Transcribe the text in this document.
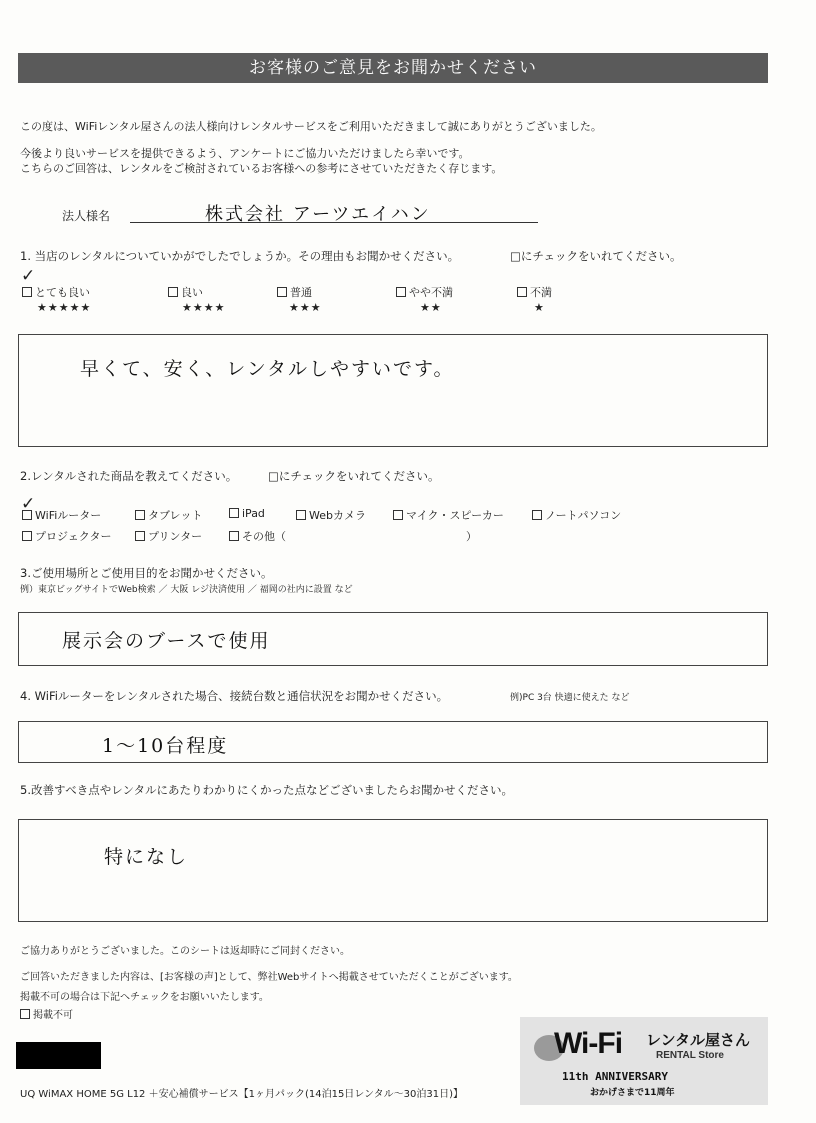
お客様のご意見をお聞かせください
この度は、WiFiレンタル屋さんの法人様向けレンタルサービスをご利用いただきまして誠にありがとうございました。
今後より良いサービスを提供できるよう、アンケートにご協力いただけましたら幸いです。
こちらのご回答は、レンタルをご検討されているお客様への参考にさせていただきたく存じます。
法人様名	株式会社 アーツエイハン
1. 当店のレンタルについていかがでしたでしょうか。その理由もお聞かせください。	□にチェックをいれてください。
とても良い
✓
★★★★★
良い
★★★★
普通
★★★
やや不満
★★
不満
★
早くて、安く、レンタルしやすいです。
2.レンタルされた商品を教えてください。	□にチェックをいれてください。
✓
WiFiルーター	タブレット	iPad	Webカメラ	マイク・スピーカー	ノートパソコン
プロジェクター	プリンター	その他（	）
3.ご使用場所とご使用目的をお聞かせください。
例）東京ビッグサイトでWeb検索 ／ 大阪 レジ決済使用 ／ 福岡の社内に設置 など
展示会のブースで使用
4. WiFiルーターをレンタルされた場合、接続台数と通信状況をお聞かせください。	例)PC 3台 快適に使えた など
1～10台程度
5.改善すべき点やレンタルにあたりわかりにくかった点などございましたらお聞かせください。
特になし
ご協力ありがとうございました。このシートは返却時にご同封ください。
ご回答いただきました内容は、[お客様の声]として、弊社Webサイトへ掲載させていただくことがございます。
掲載不可の場合は下記へチェックをお願いいたします。
掲載不可
UQ WiMAX HOME 5G L12 ＋安心補償サービス【1ヶ月パック(14泊15日レンタル～30泊31日)】
Wi-Fi レンタル屋さん
RENTAL Store
11th ANNIVERSARY
おかげさまで11周年
